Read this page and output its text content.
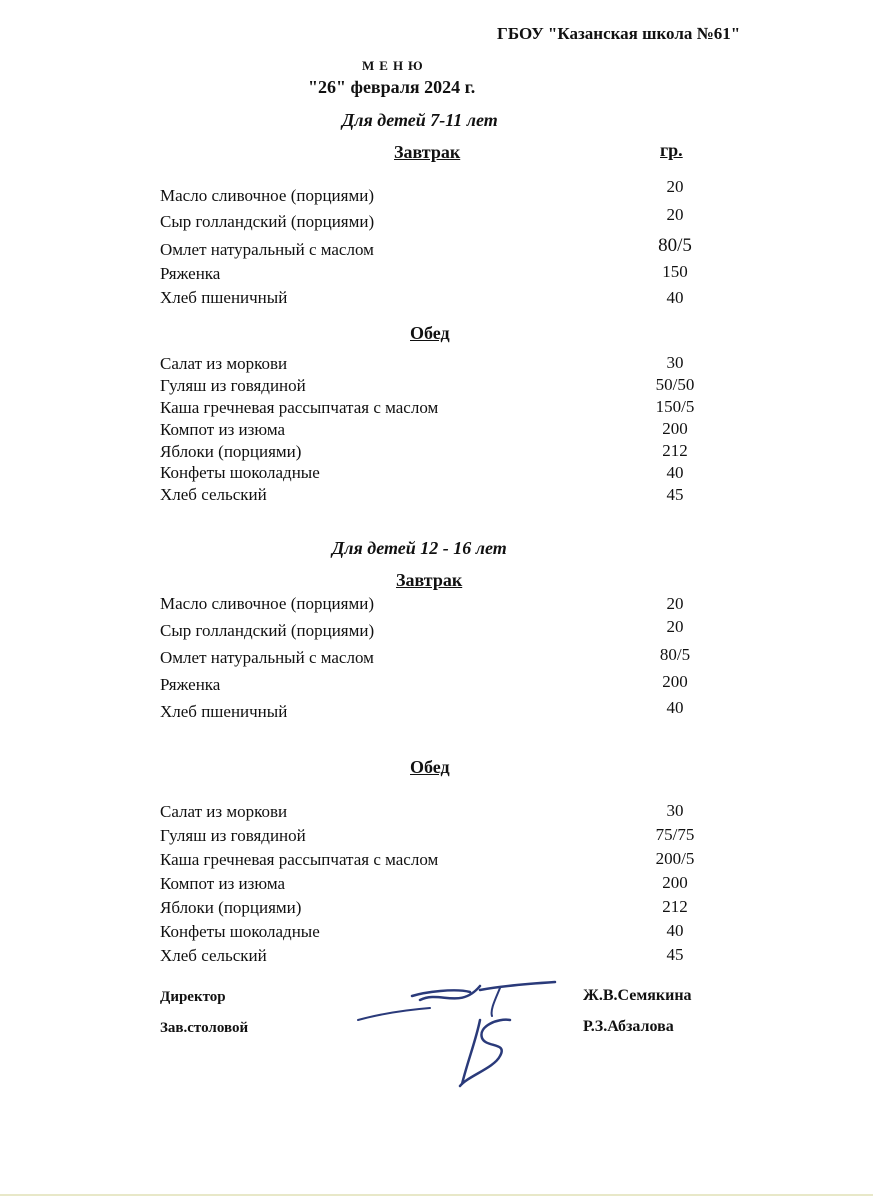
ГБОУ "Казанская школа №61"
МЕНЮ
"26" февраля 2024 г.
Для детей 7-11 лет
Завтрак	гр.
Масло сливочное (порциями)	20
Сыр голландский (порциями)	20
Омлет натуральный с маслом	80/5
Ряженка	150
Хлеб пшеничный	40
Обед
Салат из моркови	30
Гуляш из говядиной	50/50
Каша гречневая рассыпчатая с маслом	150/5
Компот из изюма	200
Яблоки (порциями)	212
Конфеты шоколадные	40
Хлеб сельский	45
Для детей 12 - 16 лет
Завтрак
Масло сливочное (порциями)	20
Сыр голландский (порциями)	20
Омлет натуральный с маслом	80/5
Ряженка	200
Хлеб пшеничный	40
Обед
Салат из моркови	30
Гуляш из говядиной	75/75
Каша гречневая рассыпчатая с маслом	200/5
Компот из изюма	200
Яблоки (порциями)	212
Конфеты шоколадные	40
Хлеб сельский	45
Директор	Ж.В.Семякина
Зав.столовой	Р.З.Абзалова
